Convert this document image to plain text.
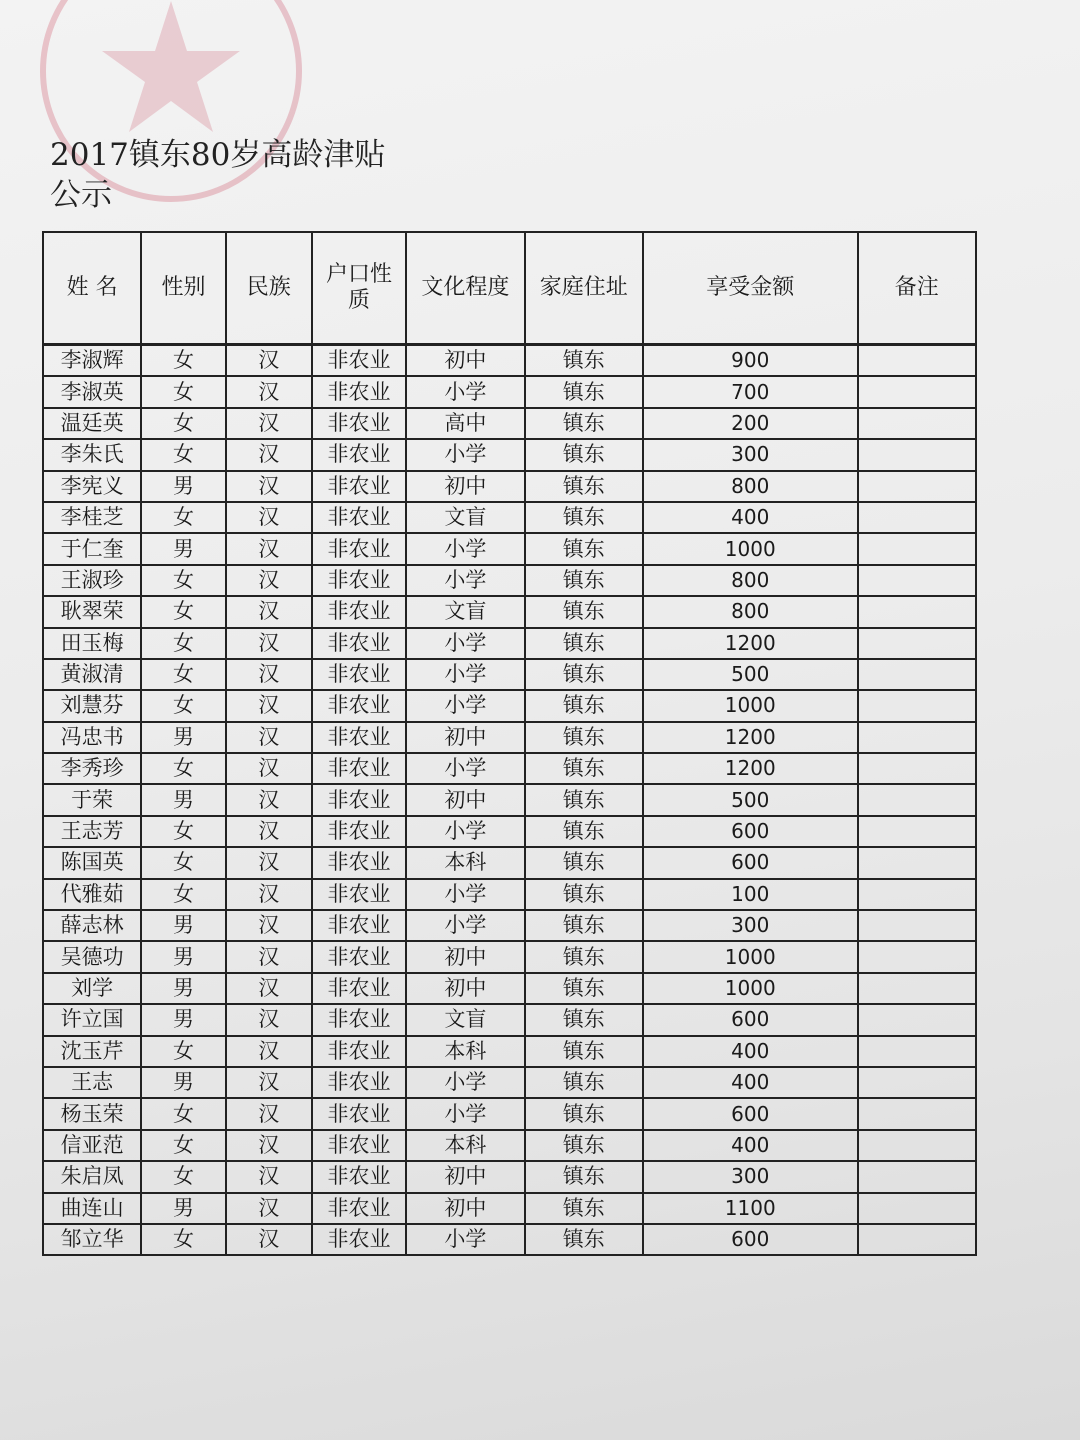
2017镇东80岁高龄津贴公示
姓 名	性别	民族	户口性质	文化程度	家庭住址	享受金额	备注
李淑辉	女	汉	非农业	初中	镇东	900	
李淑英	女	汉	非农业	小学	镇东	700	
温廷英	女	汉	非农业	高中	镇东	200	
李朱氏	女	汉	非农业	小学	镇东	300	
李宪义	男	汉	非农业	初中	镇东	800	
李桂芝	女	汉	非农业	文盲	镇东	400	
于仁奎	男	汉	非农业	小学	镇东	1000	
王淑珍	女	汉	非农业	小学	镇东	800	
耿翠荣	女	汉	非农业	文盲	镇东	800	
田玉梅	女	汉	非农业	小学	镇东	1200	
黄淑清	女	汉	非农业	小学	镇东	500	
刘慧芬	女	汉	非农业	小学	镇东	1000	
冯忠书	男	汉	非农业	初中	镇东	1200	
李秀珍	女	汉	非农业	小学	镇东	1200	
于荣	男	汉	非农业	初中	镇东	500	
王志芳	女	汉	非农业	小学	镇东	600	
陈国英	女	汉	非农业	本科	镇东	600	
代雅茹	女	汉	非农业	小学	镇东	100	
薛志林	男	汉	非农业	小学	镇东	300	
吴德功	男	汉	非农业	初中	镇东	1000	
刘学	男	汉	非农业	初中	镇东	1000	
许立国	男	汉	非农业	文盲	镇东	600	
沈玉芹	女	汉	非农业	本科	镇东	400	
王志	男	汉	非农业	小学	镇东	400	
杨玉荣	女	汉	非农业	小学	镇东	600	
信亚范	女	汉	非农业	本科	镇东	400	
朱启凤	女	汉	非农业	初中	镇东	300	
曲连山	男	汉	非农业	初中	镇东	1100	
邹立华	女	汉	非农业	小学	镇东	600	
